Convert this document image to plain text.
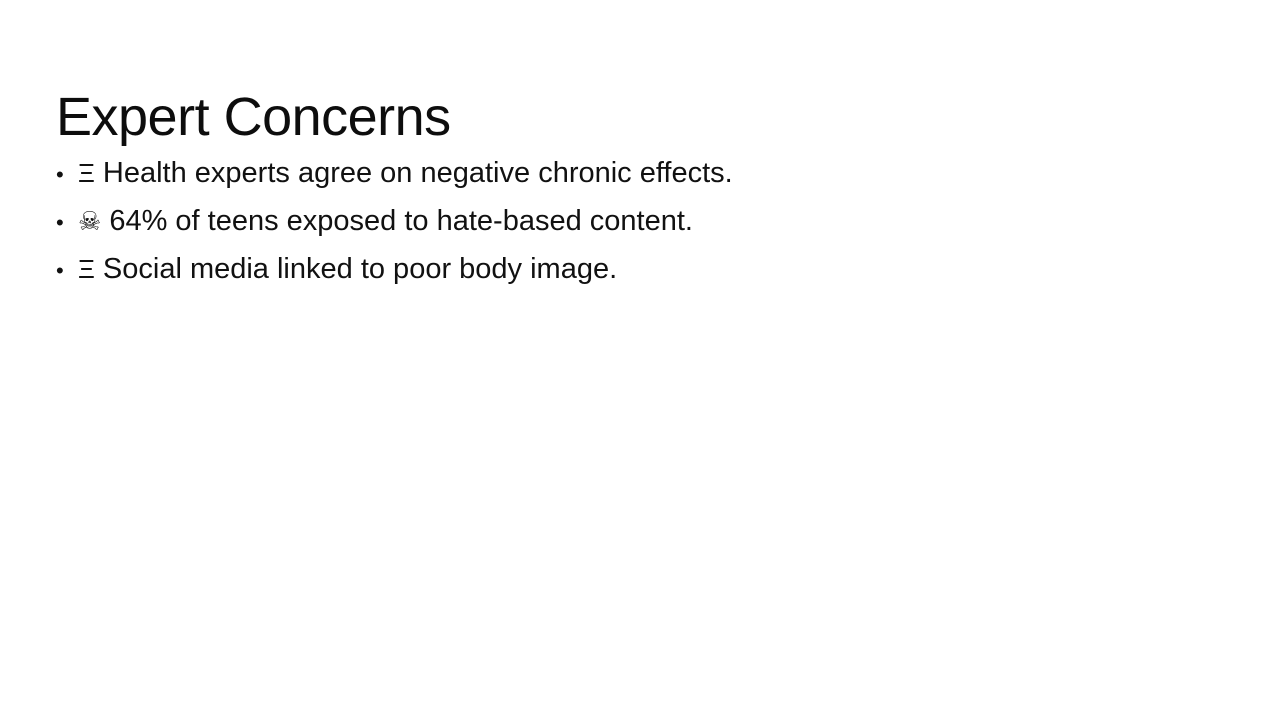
Expert Concerns
• Ξ Health experts agree on negative chronic effects.
• ☠ 64% of teens exposed to hate-based content.
• Ξ Social media linked to poor body image.
